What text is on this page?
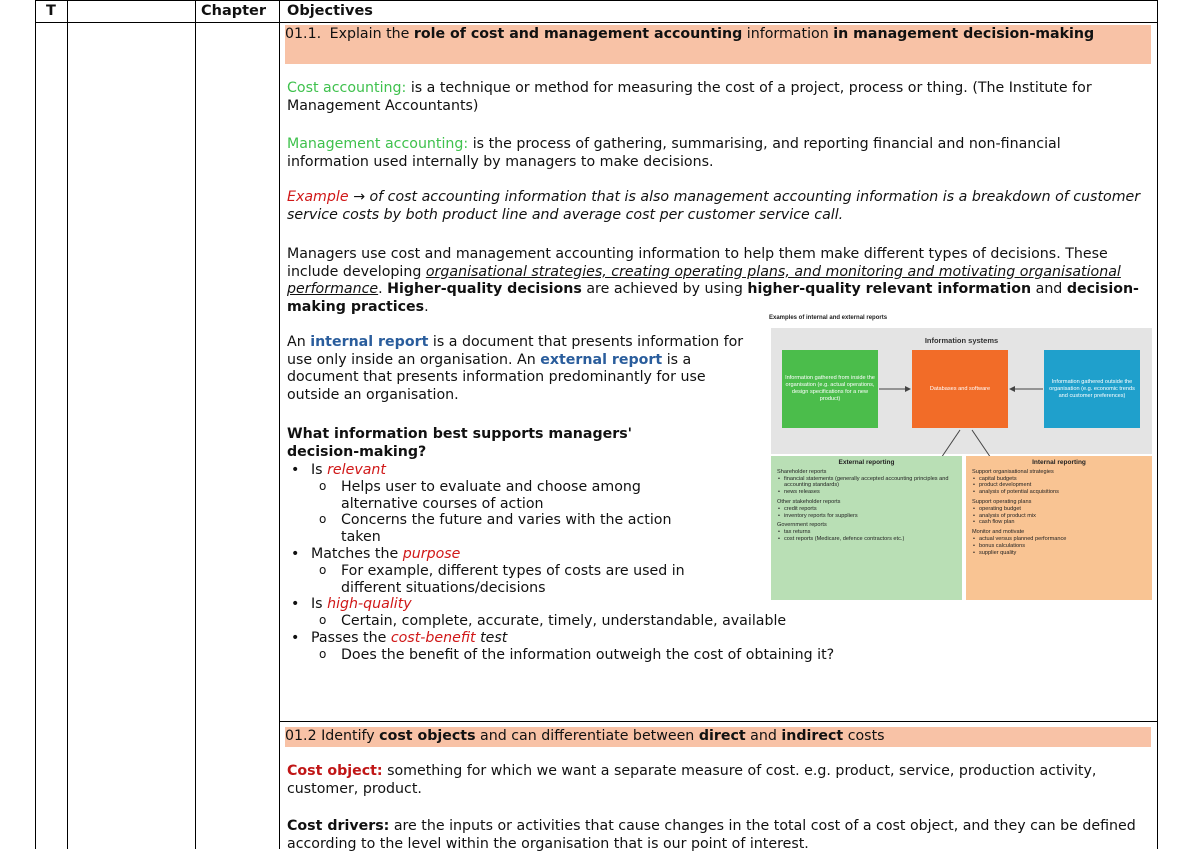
T	Chapter Objectives
01.1. Explain the role of cost and management accounting information in management decision-making

Cost accounting: is a technique or method for measuring the cost of a project, process or thing. (The Institute for Management Accountants)

Management accounting: is the process of gathering, summarising, and reporting financial and non-financial information used internally by managers to make decisions.

Example → of cost accounting information that is also management accounting information is a breakdown of customer service costs by both product line and average cost per customer service call.

Managers use cost and management accounting information to help them make different types of decisions. These include developing organisational strategies, creating operating plans, and monitoring and motivating organisational performance. Higher-quality decisions are achieved by using higher-quality relevant information and decision-making practices.

An internal report is a document that presents information for use only inside an organisation. An external report is a document that presents information predominantly for use outside an organisation.

What information best supports managers' decision-making?

• Is relevant
o Helps user to evaluate and choose among alternative courses of action
o Concerns the future and varies with the action taken
• Matches the purpose
o For example, different types of costs are used in different situations/decisions
• Is high-quality
o Certain, complete, accurate, timely, understandable, available
• Passes the cost-benefit test
o Does the benefit of the information outweigh the cost of obtaining it?
01.2 Identify cost objects and can differentiate between direct and indirect costs

Cost object: something for which we want a separate measure of cost. e.g. product, service, production activity, customer, product.

Cost drivers: are the inputs or activities that cause changes in the total cost of a cost object, and they can be defined according to the level within the organisation that is our point of interest.

Examples of internal and external reports
Information systems
Information gathered from inside the organisation (e.g. actual operations, design specifications for a new product)
Databases and software
Information gathered outside the organisation (e.g. economic trends and customer preferences)
External reporting
Shareholder reports
• financial statements (generally accepted accounting principles and accounting standards)
• news releases
Other stakeholder reports
• credit reports
• inventory reports for suppliers
Government reports
• tax returns
• cost reports (Medicare, defence contractors etc.)
Internal reporting
Support organisational strategies
• capital budgets
• product development
• analysis of potential acquisitions
Support operating plans
• operating budget
• analysis of product mix
• cash flow plan
Monitor and motivate
• actual versus planned performance
• bonus calculations
• supplier quality
